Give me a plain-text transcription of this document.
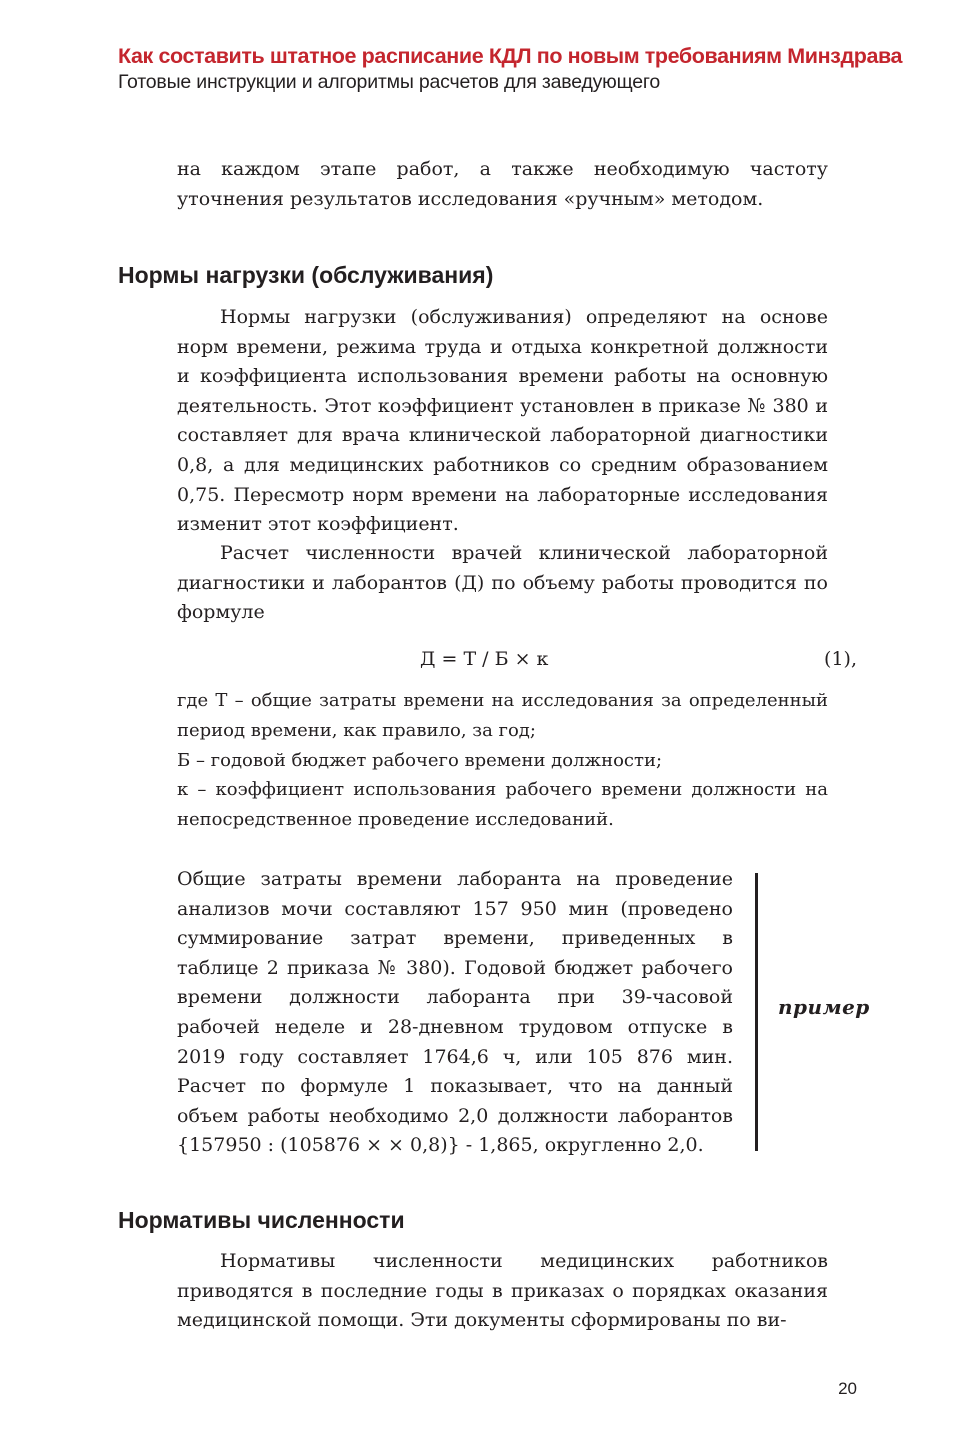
Как составить штатное расписание КДЛ по новым требованиям Минздрава
Готовые инструкции и алгоритмы расчетов для заведующего

на каждом этапе работ, а также необходимую частоту уточнения результатов исследования «ручным» методом.

Нормы нагрузки (обслуживания)

Нормы нагрузки (обслуживания) определяют на основе норм времени, режима труда и отдыха конкретной должности и коэффициента использования времени работы на основную деятельность. Этот коэффициент установлен в приказе № 380 и составляет для врача клинической лабораторной диагностики 0,8, а для медицинских работников со средним образованием 0,75. Пересмотр норм времени на лабораторные исследования изменит этот коэффициент.

Расчет численности врачей клинической лабораторной диагностики и лаборантов (Д) по объему работы проводится по формуле

Д = Т / Б × к	(1),

где Т – общие затраты времени на исследования за определенный период времени, как правило, за год;

Б – годовой бюджет рабочего времени должности;

к – коэффициент использования рабочего времени должности на непосредственное проведение исследований.

Общие затраты времени лаборанта на проведение анализов мочи составляют 157 950 мин (проведено суммирование затрат времени, приведенных в таблице 2 приказа № 380). Годовой бюджет рабочего времени должности лаборанта при 39-часовой рабочей неделе и 28-дневном трудовом отпуске в 2019 году составляет 1764,6 ч, или 105 876 мин. Расчет по формуле 1 показывает, что на данный объем работы необходимо 2,0 должности лаборантов {157950 : (105876 × × 0,8)} - 1,865, округленно 2,0.

пример
Нормативы численности

Нормативы численности медицинских работников приводятся в последние годы в приказах о порядках оказания медицинской помощи. Эти документы сформированы по ви-

20
